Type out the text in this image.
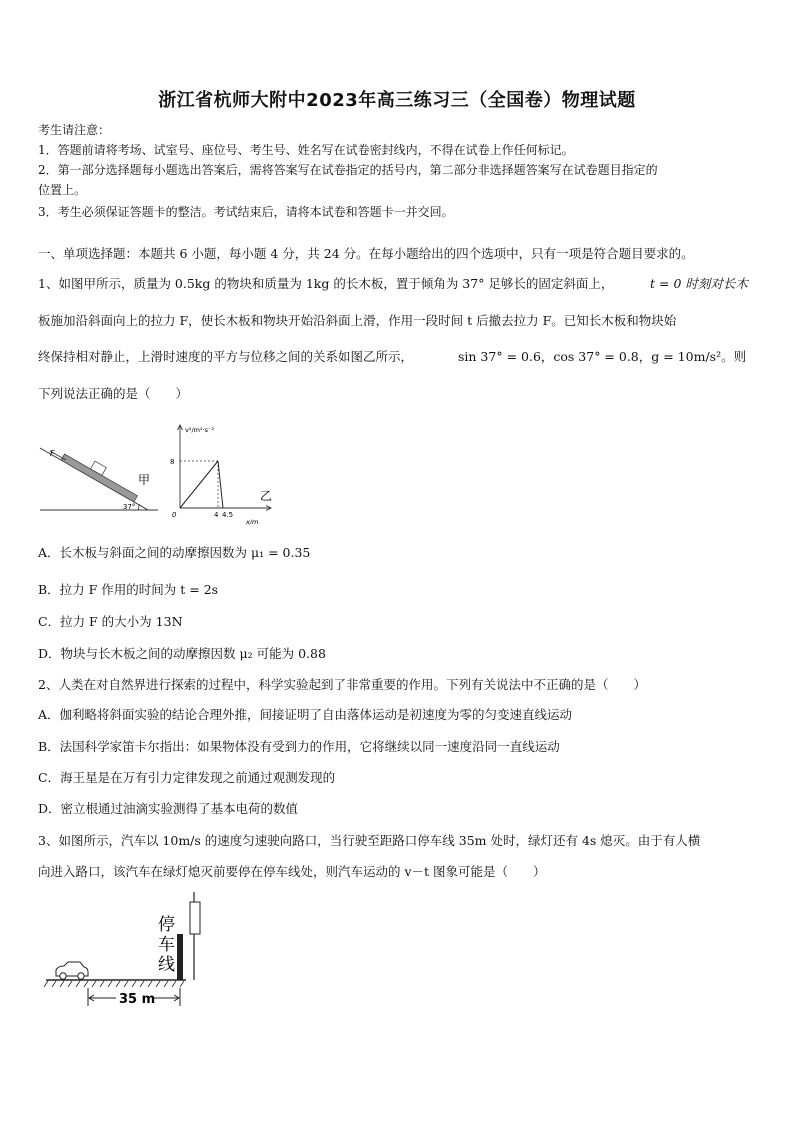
浙江省杭师大附中2023年高三练习三（全国卷）物理试题
考生请注意：
1．答题前请将考场、试室号、座位号、考生号、姓名写在试卷密封线内，不得在试卷上作任何标记。
2．第一部分选择题每小题选出答案后，需将答案写在试卷指定的括号内，第二部分非选择题答案写在试卷题目指定的
位置上。
3．考生必须保证答题卡的整洁。考试结束后，请将本试卷和答题卡一并交回。
一、单项选择题：本题共 6 小题，每小题 4 分，共 24 分。在每小题给出的四个选项中，只有一项是符合题目要求的。
1、如图甲所示，质量为 0.5kg 的物块和质量为 1kg 的长木板，置于倾角为 37° 足够长的固定斜面上，	t = 0 时刻对长木
板施加沿斜面向上的拉力 F，使长木板和物块开始沿斜面上滑，作用一段时间 t 后撤去拉力 F。已知长木板和物块始
终保持相对静止，上滑时速度的平方与位移之间的关系如图乙所示，	sin 37° = 0.6，cos 37° = 0.8，g = 10m/s²。则
下列说法正确的是（　　）
F
甲
37°
v²/m²·s⁻²
8
0	4 4.5
x/m
乙
A．长木板与斜面之间的动摩擦因数为 μ₁ = 0.35
B．拉力 F 作用的时间为 t = 2s
C．拉力 F 的大小为 13N
D．物块与长木板之间的动摩擦因数 μ₂ 可能为 0.88
2、人类在对自然界进行探索的过程中，科学实验起到了非常重要的作用。下列有关说法中不正确的是（　　）
A．伽利略将斜面实验的结论合理外推，间接证明了自由落体运动是初速度为零的匀变速直线运动
B．法国科学家笛卡尔指出：如果物体没有受到力的作用，它将继续以同一速度沿同一直线运动
C．海王星是在万有引力定律发现之前通过观测发现的
D．密立根通过油滴实验测得了基本电荷的数值
3、如图所示，汽车以 10m/s 的速度匀速驶向路口，当行驶至距路口停车线 35m 处时，绿灯还有 4s 熄灭。由于有人横
向进入路口，该汽车在绿灯熄灭前要停在停车线处，则汽车运动的 v－t 图象可能是（　　）
停
车
线
35 m
